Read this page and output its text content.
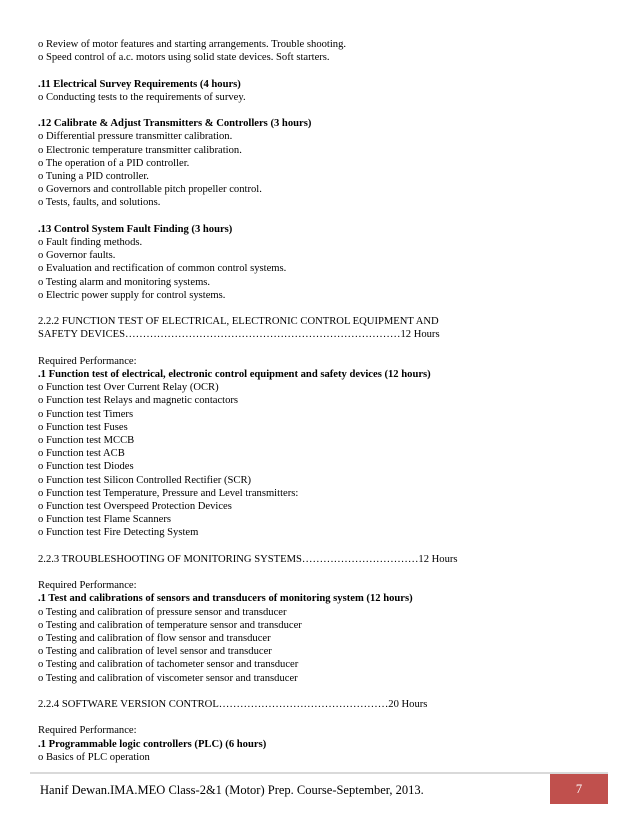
o Review of motor features and starting arrangements. Trouble shooting.
o Speed control of a.c. motors using solid state devices. Soft starters.
.11 Electrical Survey Requirements (4 hours)
o Conducting tests to the requirements of survey.
.12 Calibrate & Adjust Transmitters & Controllers (3 hours)
o Differential pressure transmitter calibration.
o Electronic temperature transmitter calibration.
o The operation of a PID controller.
o Tuning a PID controller.
o Governors and controllable pitch propeller control.
o Tests, faults, and solutions.
.13 Control System Fault Finding (3 hours)
o Fault finding methods.
o Governor faults.
o Evaluation and rectification of common control systems.
o Testing alarm and monitoring systems.
o Electric power supply for control systems.
2.2.2 FUNCTION TEST OF ELECTRICAL, ELECTRONIC CONTROL EQUIPMENT AND
SAFETY DEVICES……………………………………………………………………12 Hours
Required Performance:
.1 Function test of electrical, electronic control equipment and safety devices (12 hours)
o Function test Over Current Relay (OCR)
o Function test Relays and magnetic contactors
o Function test Timers
o Function test Fuses
o Function test MCCB
o Function test ACB
o Function test Diodes
o Function test Silicon Controlled Rectifier (SCR)
o Function test Temperature, Pressure and Level transmitters:
o Function test Overspeed Protection Devices
o Function test Flame Scanners
o Function test Fire Detecting System
2.2.3 TROUBLESHOOTING OF MONITORING SYSTEMS……………………………12 Hours
Required Performance:
.1 Test and calibrations of sensors and transducers of monitoring system (12 hours)
o Testing and calibration of pressure sensor and transducer
o Testing and calibration of temperature sensor and transducer
o Testing and calibration of flow sensor and transducer
o Testing and calibration of level sensor and transducer
o Testing and calibration of tachometer sensor and transducer
o Testing and calibration of viscometer sensor and transducer
2.2.4 SOFTWARE VERSION CONTROL…………………………………………20 Hours
Required Performance:
.1 Programmable logic controllers (PLC) (6 hours)
o Basics of PLC operation
Hanif Dewan.IMA.MEO Class-2&1 (Motor) Prep. Course-September, 2013.	7
